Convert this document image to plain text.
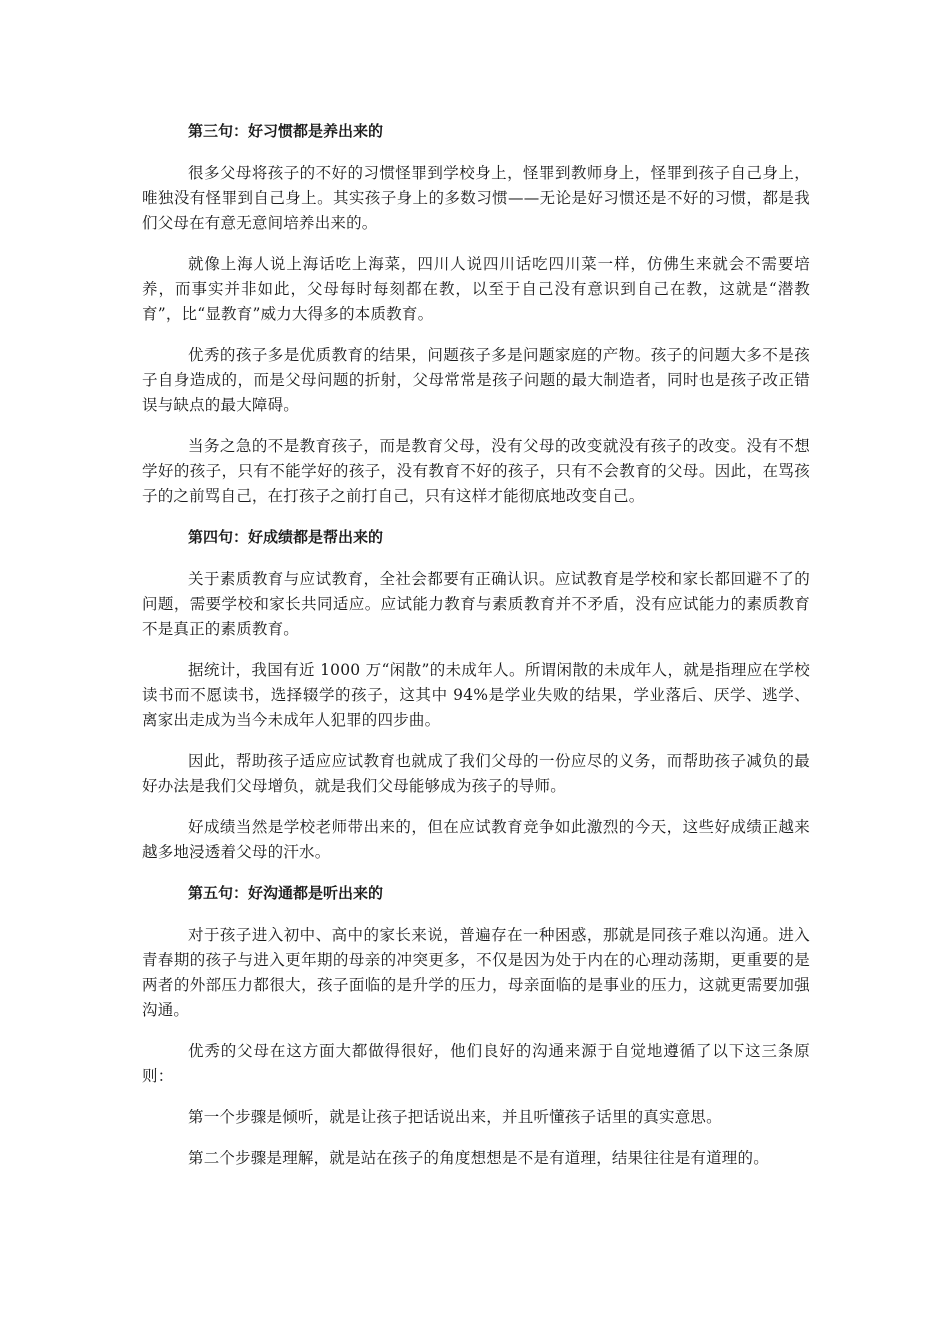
第三句：好习惯都是养出来的

很多父母将孩子的不好的习惯怪罪到学校身上，怪罪到教师身上，怪罪到孩子自己身上，唯独没有怪罪到自己身上。其实孩子身上的多数习惯——无论是好习惯还是不好的习惯，都是我们父母在有意无意间培养出来的。

就像上海人说上海话吃上海菜，四川人说四川话吃四川菜一样，仿佛生来就会不需要培养，而事实并非如此，父母每时每刻都在教，以至于自己没有意识到自己在教，这就是“潜教育”，比“显教育”威力大得多的本质教育。

优秀的孩子多是优质教育的结果，问题孩子多是问题家庭的产物。孩子的问题大多不是孩子自身造成的，而是父母问题的折射，父母常常是孩子问题的最大制造者，同时也是孩子改正错误与缺点的最大障碍。

当务之急的不是教育孩子，而是教育父母，没有父母的改变就没有孩子的改变。没有不想学好的孩子，只有不能学好的孩子，没有教育不好的孩子，只有不会教育的父母。因此，在骂孩子的之前骂自己，在打孩子之前打自己，只有这样才能彻底地改变自己。

第四句：好成绩都是帮出来的

关于素质教育与应试教育，全社会都要有正确认识。应试教育是学校和家长都回避不了的问题，需要学校和家长共同适应。应试能力教育与素质教育并不矛盾，没有应试能力的素质教育不是真正的素质教育。

据统计，我国有近 1000 万“闲散”的未成年人。所谓闲散的未成年人，就是指理应在学校读书而不愿读书，选择辍学的孩子，这其中 94%是学业失败的结果，学业落后、厌学、逃学、离家出走成为当今未成年人犯罪的四步曲。

因此，帮助孩子适应应试教育也就成了我们父母的一份应尽的义务，而帮助孩子减负的最好办法是我们父母增负，就是我们父母能够成为孩子的导师。

好成绩当然是学校老师带出来的，但在应试教育竞争如此激烈的今天，这些好成绩正越来越多地浸透着父母的汗水。

第五句：好沟通都是听出来的

对于孩子进入初中、高中的家长来说，普遍存在一种困惑，那就是同孩子难以沟通。进入青春期的孩子与进入更年期的母亲的冲突更多，不仅是因为处于内在的心理动荡期，更重要的是两者的外部压力都很大，孩子面临的是升学的压力，母亲面临的是事业的压力，这就更需要加强沟通。

优秀的父母在这方面大都做得很好，他们良好的沟通来源于自觉地遵循了以下这三条原则：

第一个步骤是倾听，就是让孩子把话说出来，并且听懂孩子话里的真实意思。

第二个步骤是理解，就是站在孩子的角度想想是不是有道理，结果往往是有道理的。
